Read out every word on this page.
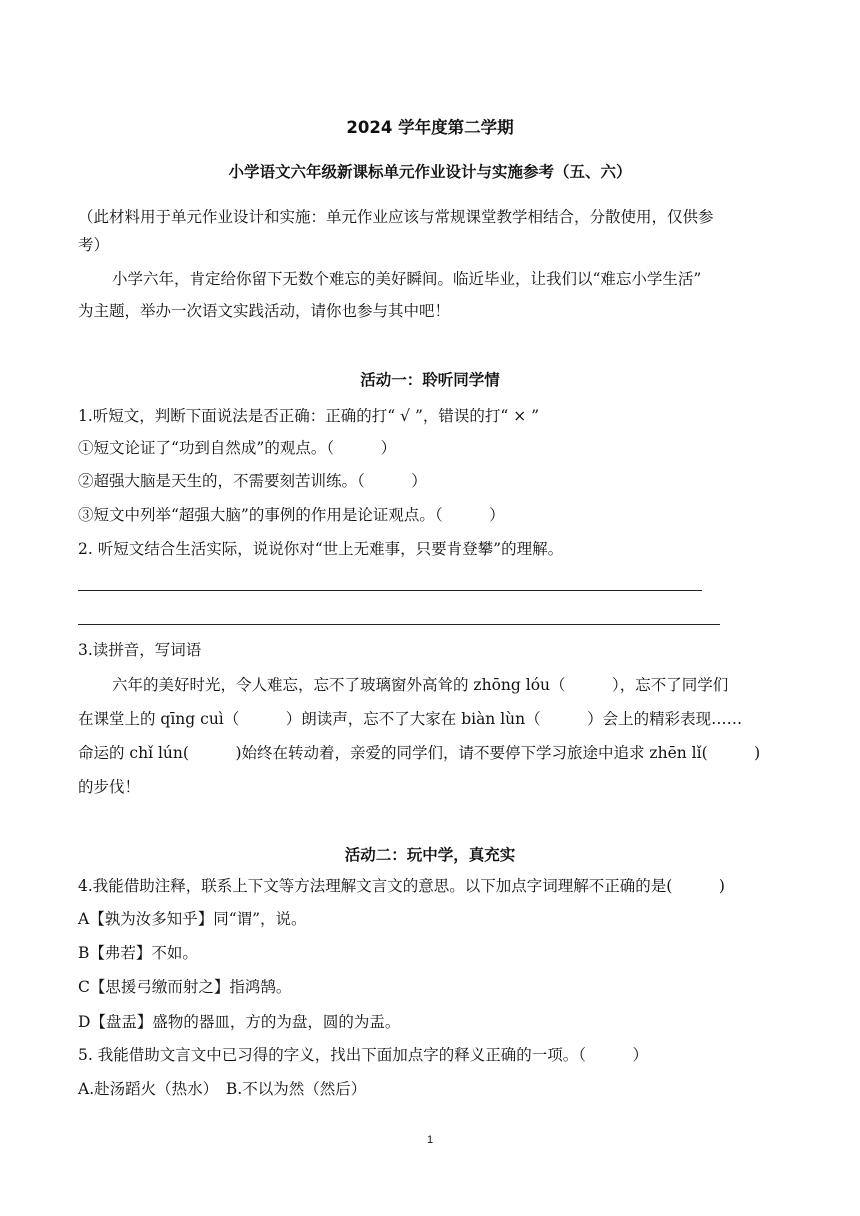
2024 学年度第二学期
小学语文六年级新课标单元作业设计与实施参考（五、六）
（此材料用于单元作业设计和实施：单元作业应该与常规课堂教学相结合，分散使用，仅供参
考）
小学六年，肯定给你留下无数个难忘的美好瞬间。临近毕业，让我们以“难忘小学生活”
为主题，举办一次语文实践活动，请你也参与其中吧！
活动一：聆听同学情
1.听短文，判断下面说法是否正确：正确的打“ √ ”，错误的打“ × ”
①短文论证了“功到自然成”的观点。（　　　）
②超强大脑是天生的，不需要刻苦训练。（　　　）
③短文中列举“超强大脑”的事例的作用是论证观点。（　　　）
2. 听短文结合生活实际，说说你对“世上无难事，只要肯登攀”的理解。
3.读拼音，写词语
六年的美好时光，令人难忘，忘不了玻璃窗外高耸的 zhōng lóu（　　　），忘不了同学们
在课堂上的 qīng cuì（　　　）朗读声，忘不了大家在 biàn lùn（　　　）会上的精彩表现……
命运的 chǐ lún(　　　)始终在转动着，亲爱的同学们，请不要停下学习旅途中追求 zhēn lǐ(　　　)
的步伐！
活动二：玩中学，真充实
4.我能借助注释，联系上下文等方法理解文言文的意思。以下加点字词理解不正确的是(　　　)
A【孰为汝多知乎】同“谓”，说。
B【弗若】不如。
C【思援弓缴而射之】指鸿鹄。
D【盘盂】盛物的器皿，方的为盘，圆的为盂。
5. 我能借助文言文中已习得的字义，找出下面加点字的释义正确的一项。（　　　）
A.赴汤蹈火（热水）　B.不以为然（然后）
1
